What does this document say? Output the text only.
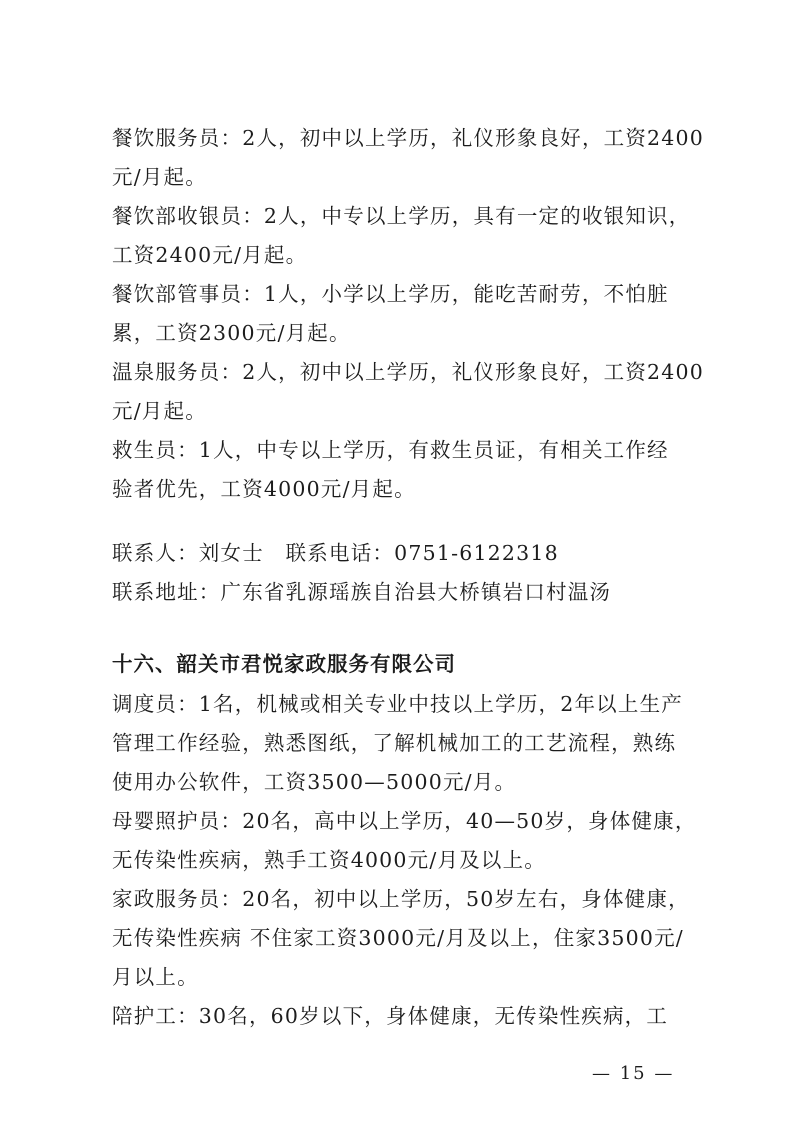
餐饮服务员：2人，初中以上学历，礼仪形象良好，工资2400
元/月起。
餐饮部收银员：2人，中专以上学历，具有一定的收银知识，
工资2400元/月起。
餐饮部管事员：1人，小学以上学历，能吃苦耐劳，不怕脏
累，工资2300元/月起。
温泉服务员：2人，初中以上学历，礼仪形象良好，工资2400
元/月起。
救生员：1人，中专以上学历，有救生员证，有相关工作经
验者优先，工资4000元/月起。
联系人：刘女士　联系电话：0751-6122318
联系地址：广东省乳源瑶族自治县大桥镇岩口村温汤
十六、韶关市君悦家政服务有限公司
调度员：1名，机械或相关专业中技以上学历，2年以上生产
管理工作经验，熟悉图纸，了解机械加工的工艺流程，熟练
使用办公软件，工资3500—5000元/月。
母婴照护员：20名，高中以上学历，40—50岁，身体健康，
无传染性疾病，熟手工资4000元/月及以上。
家政服务员：20名，初中以上学历，50岁左右，身体健康，
无传染性疾病 不住家工资3000元/月及以上，住家3500元/
月以上。
陪护工：30名，60岁以下，身体健康，无传染性疾病，工
— 15 —
